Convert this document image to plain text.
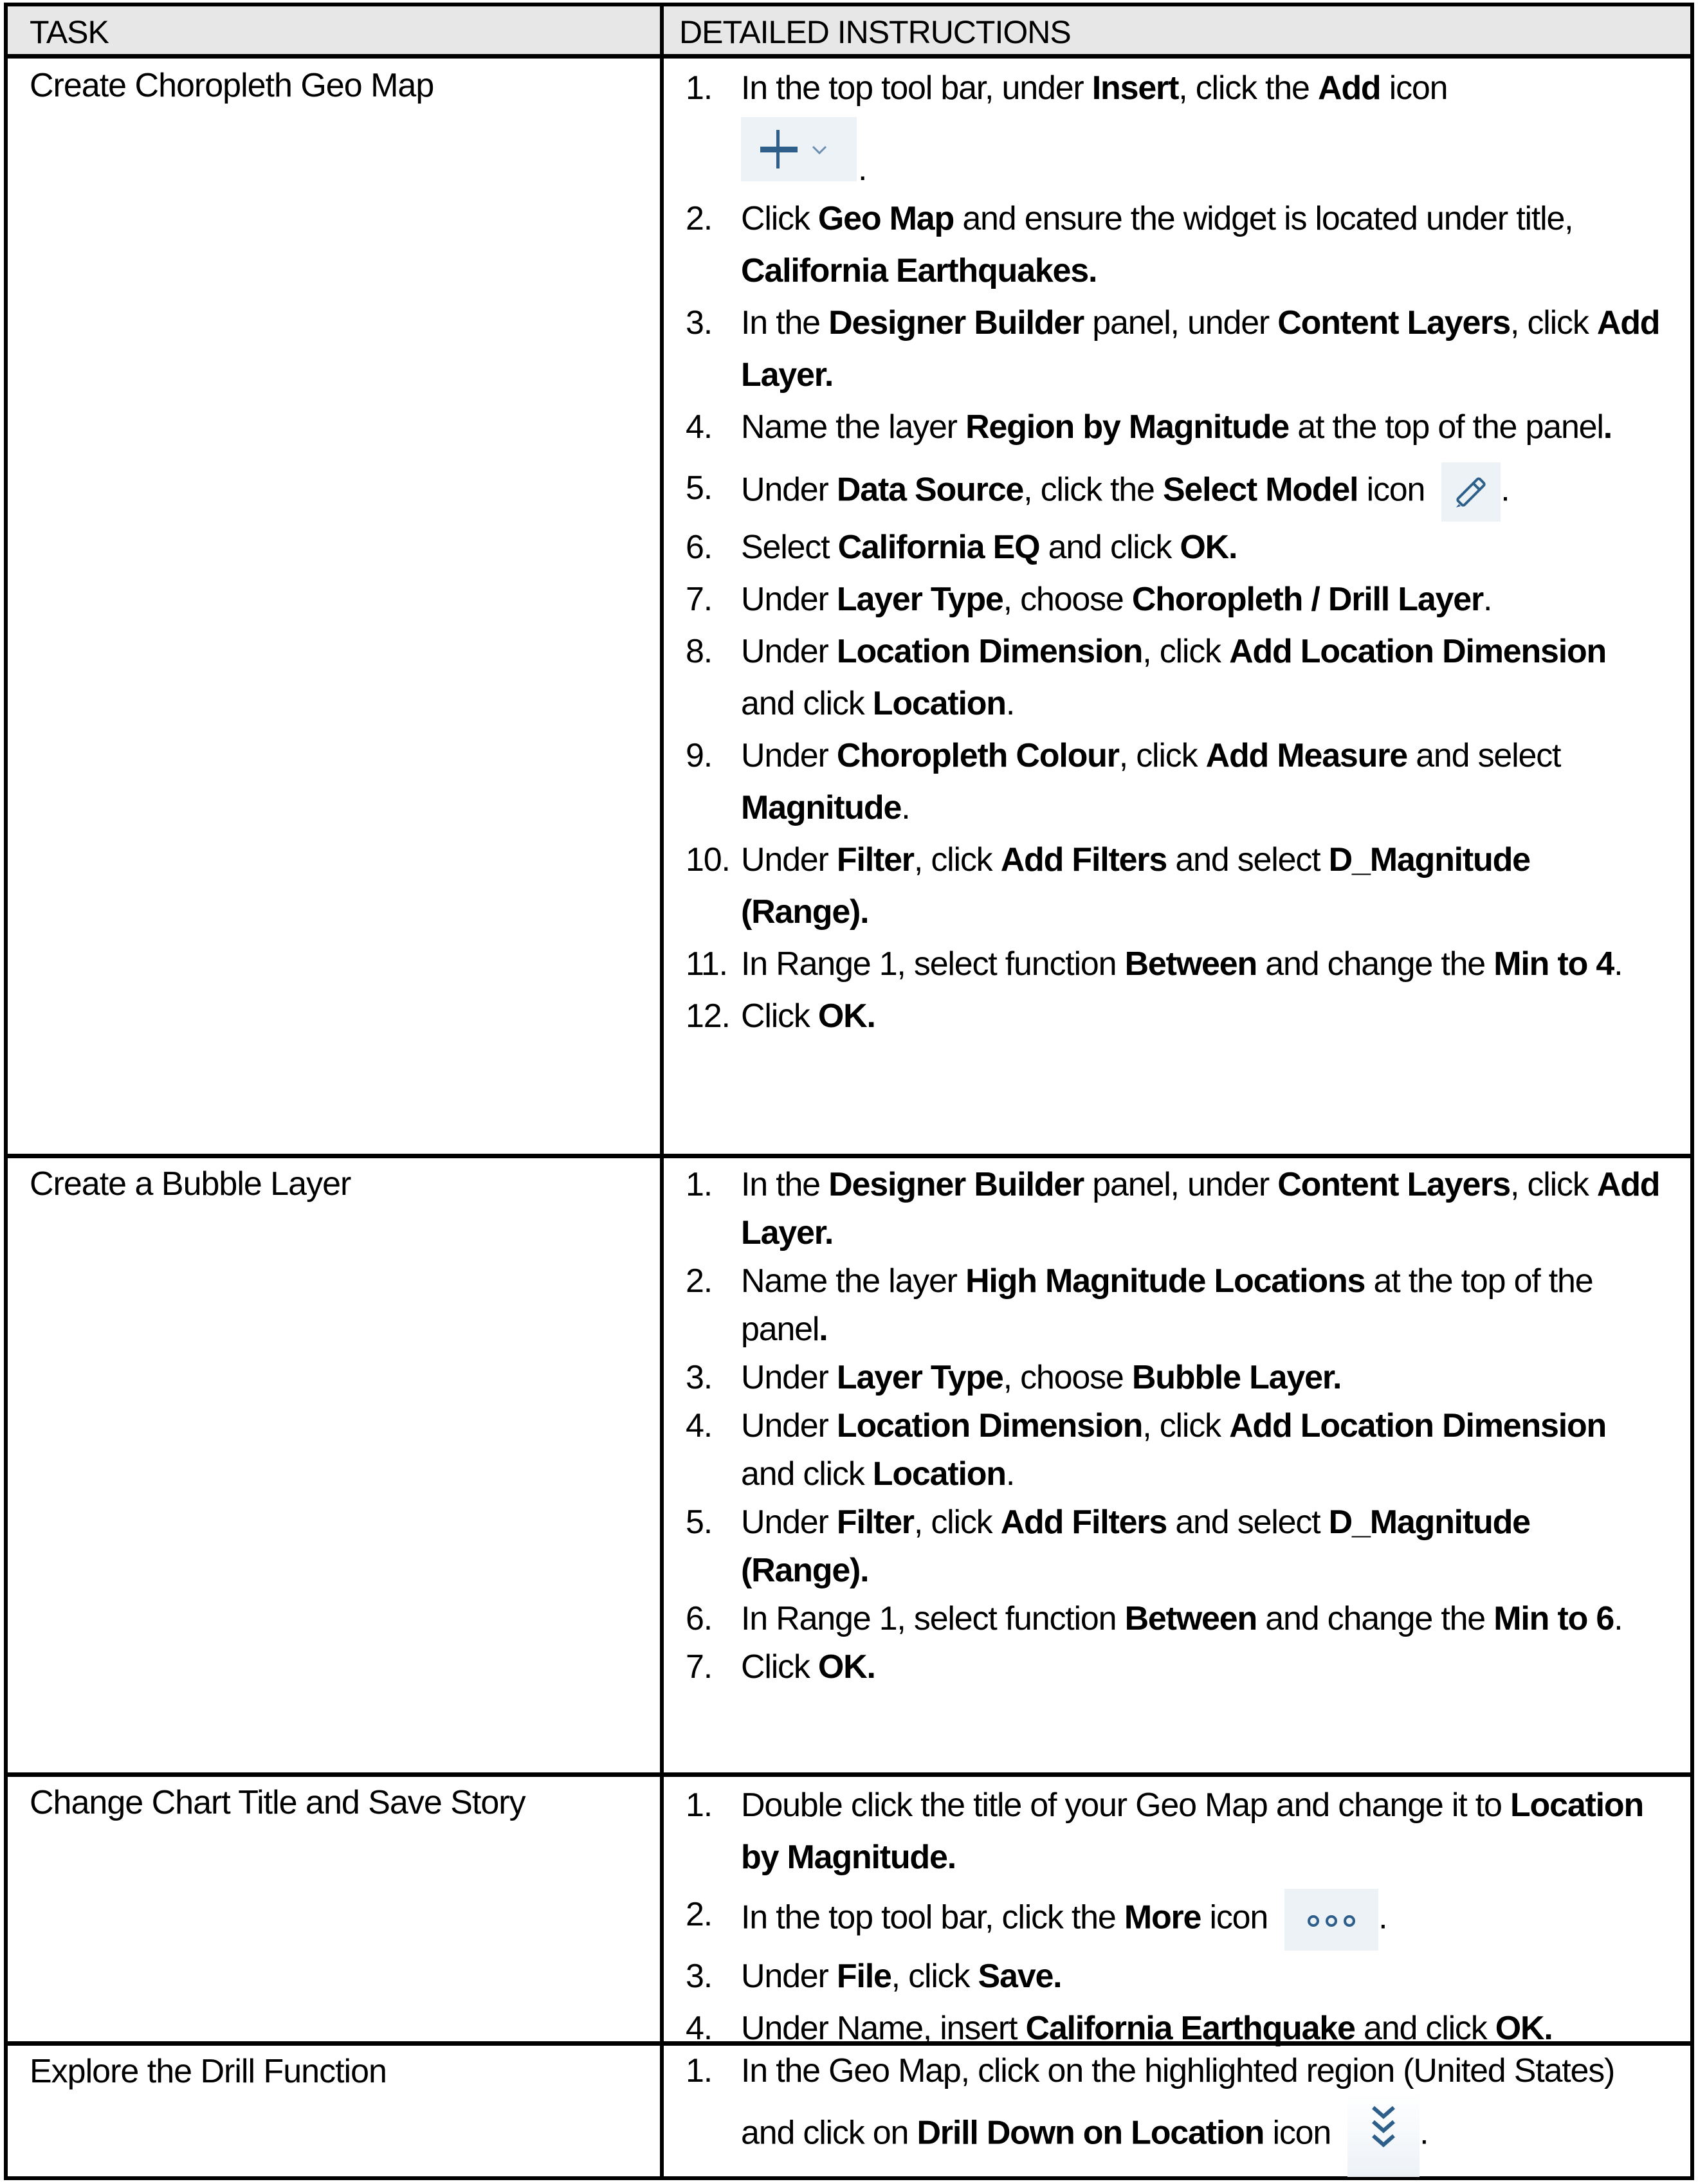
TASK	DETAILED INSTRUCTIONS
Create Choropleth Geo Map	1. In the top tool bar, under Insert, click the Add icon
.
2. Click Geo Map and ensure the widget is located under title, California Earthquakes.
3. In the Designer Builder panel, under Content Layers, click Add Layer.
4. Name the layer Region by Magnitude at the top of the panel.
5. Under Data Source, click the Select Model icon .
6. Select California EQ and click OK.
7. Under Layer Type, choose Choropleth / Drill Layer.
8. Under Location Dimension, click Add Location Dimension and click Location.
9. Under Choropleth Colour, click Add Measure and select Magnitude.
10. Under Filter, click Add Filters and select D_Magnitude (Range).
11. In Range 1, select function Between and change the Min to 4.
12. Click OK.
Create a Bubble Layer	1. In the Designer Builder panel, under Content Layers, click Add Layer.
2. Name the layer High Magnitude Locations at the top of the panel.
3. Under Layer Type, choose Bubble Layer.
4. Under Location Dimension, click Add Location Dimension and click Location.
5. Under Filter, click Add Filters and select D_Magnitude (Range).
6. In Range 1, select function Between and change the Min to 6.
7. Click OK.
Change Chart Title and Save Story	1. Double click the title of your Geo Map and change it to Location by Magnitude.
2. In the top tool bar, click the More icon	.
3. Under File, click Save.
4. Under Name, insert California Earthquake and click OK.
Explore the Drill Function	1. In the Geo Map, click on the highlighted region (United States) and click on Drill Down on Location icon	.
